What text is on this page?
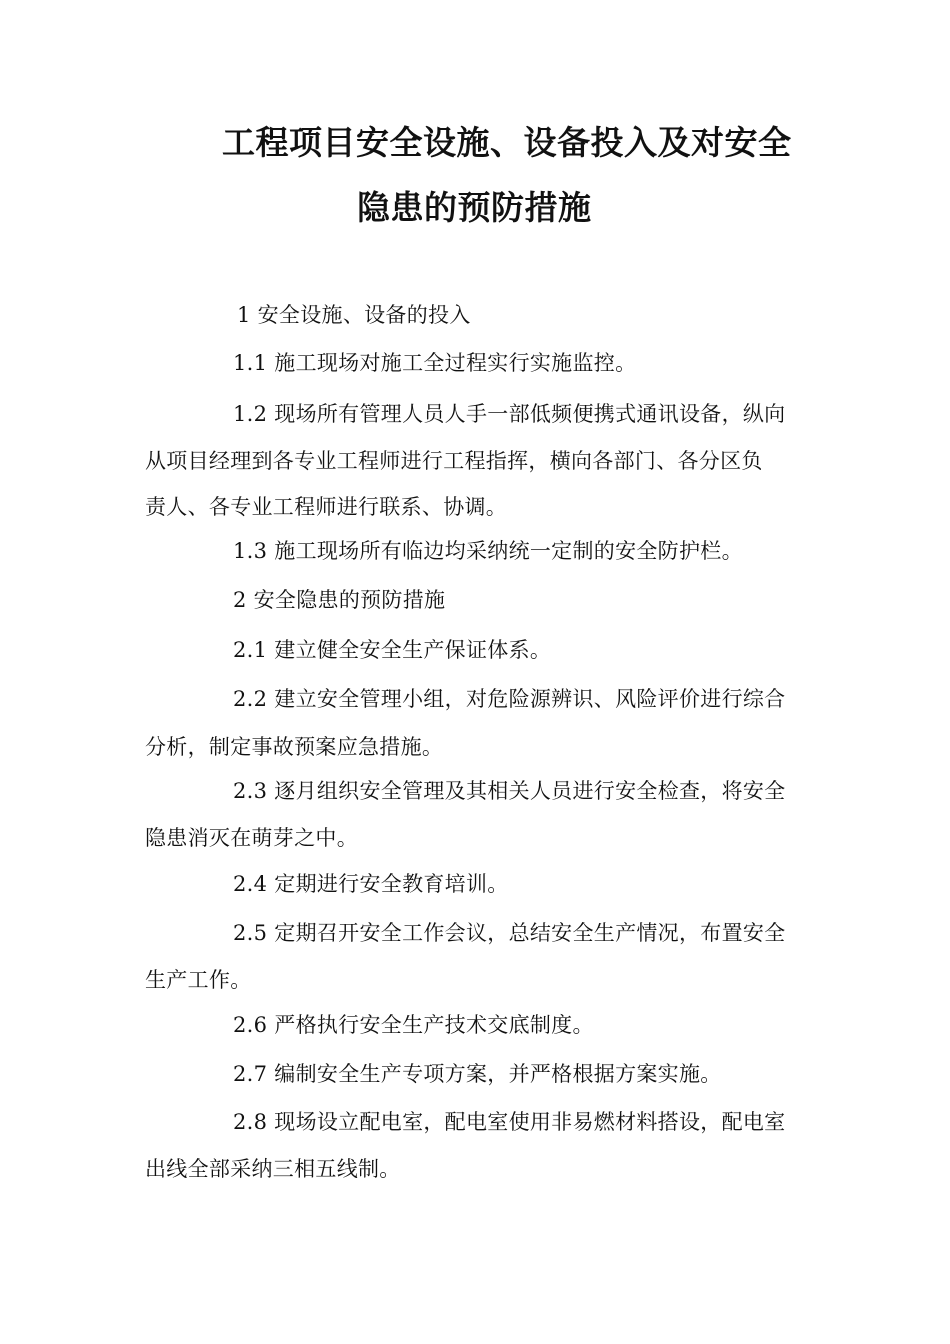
工程项目安全设施、设备投入及对安全
隐患的预防措施
1 安全设施、设备的投入
1.1 施工现场对施工全过程实行实施监控。
1.2 现场所有管理人员人手一部低频便携式通讯设备，纵向
从项目经理到各专业工程师进行工程指挥，横向各部门、各分区负
责人、各专业工程师进行联系、协调。
1.3 施工现场所有临边均采纳统一定制的安全防护栏。
2 安全隐患的预防措施
2.1 建立健全安全生产保证体系。
2.2 建立安全管理小组，对危险源辨识、风险评价进行综合
分析，制定事故预案应急措施。
2.3 逐月组织安全管理及其相关人员进行安全检查，将安全
隐患消灭在萌芽之中。
2.4 定期进行安全教育培训。
2.5 定期召开安全工作会议，总结安全生产情况，布置安全
生产工作。
2.6 严格执行安全生产技术交底制度。
2.7 编制安全生产专项方案，并严格根据方案实施。
2.8 现场设立配电室，配电室使用非易燃材料搭设，配电室
出线全部采纳三相五线制。
